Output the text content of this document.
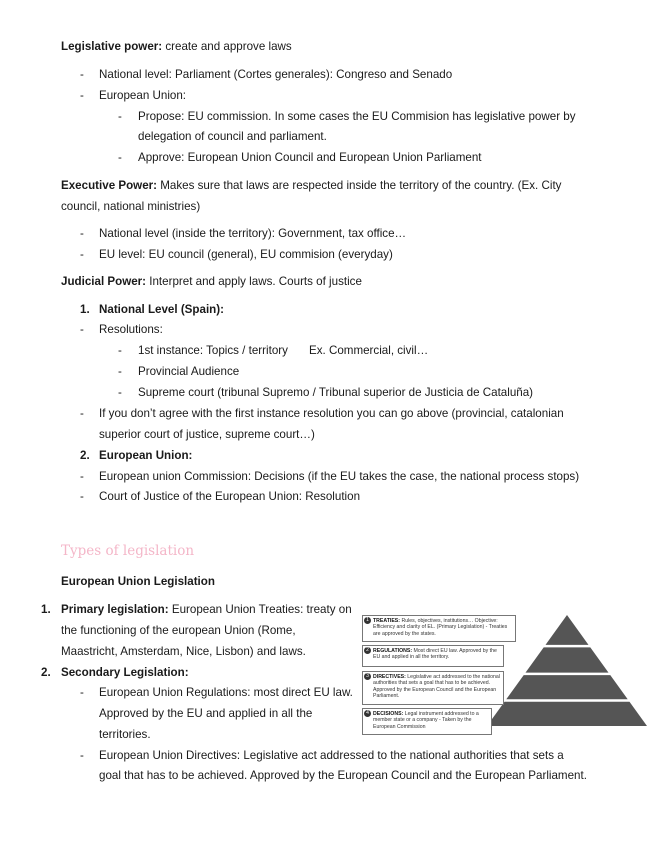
Legislative power: create and approve laws
- National level: Parliament (Cortes generales): Congreso and Senado
- European Union:
- Propose: EU commission. In some cases the EU Commision has legislative power by
delegation of council and parliament.
- Approve: European Union Council and European Union Parliament
Executive Power: Makes sure that laws are respected inside the territory of the country. (Ex. City
council, national ministries)
- National level (inside the territory): Government, tax office…
- EU level: EU council (general), EU commision (everyday)
Judicial Power: Interpret and apply laws. Courts of justice
1. National Level (Spain):
- Resolutions:
- 1st instance: Topics / territory Ex. Commercial, civil…
- Provincial Audience
- Supreme court (tribunal Supremo / Tribunal superior de Justicia de Cataluña)
- If you don’t agree with the first instance resolution you can go above (provincial, catalonian
superior court of justice, supreme court…)
2. European Union:
- European union Commission: Decisions (if the EU takes the case, the national process stops)
- Court of Justice of the European Union: Resolution
Types of legislation
European Union Legislation
1. Primary legislation: European Union Treaties: treaty on
the functioning of the european Union (Rome,
Maastricht, Amsterdam, Nice, Lisbon) and laws.
2. Secondary Legislation:
- European Union Regulations: most direct EU law.
Approved by the EU and applied in all the
territories.
- European Union Directives: Legislative act addressed to the national authorities that sets a
goal that has to be achieved. Approved by the European Council and the European Parliament.
1 TREATIES: Rules, objectives, institutions… Objective: Efficiency and clarity of EL. (Primary Legislation) - Treaties are approved by the states.
2 REGULATIONS: Most direct EU law. Approved by the EU and applied in all the territory.
3 DIRECTIVES: Legislative act addressed to the national authorities that sets a goal that has to be achieved. Approved by the European Council and the European Parliament.
4 DECISIONS: Legal instrument addressed to a member state or a company - Taken by the European Commission
